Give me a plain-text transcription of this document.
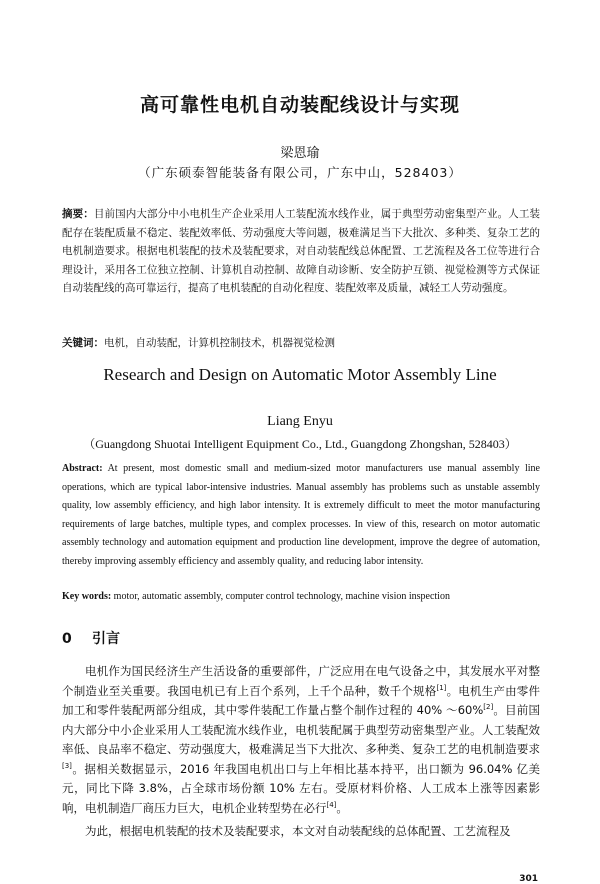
高可靠性电机自动装配线设计与实现
梁恩瑜
（广东硕泰智能装备有限公司，广东中山，528403）
摘要：目前国内大部分中小电机生产企业采用人工装配流水线作业，属于典型劳动密集型产业。人工装配存在装配质量不稳定、装配效率低、劳动强度大等问题，极难满足当下大批次、多种类、复杂工艺的电机制造要求。根据电机装配的技术及装配要求，对自动装配线总体配置、工艺流程及各工位等进行合理设计，采用各工位独立控制、计算机自动控制、故障自动诊断、安全防护互锁、视觉检测等方式保证自动装配线的高可靠运行，提高了电机装配的自动化程度、装配效率及质量，减轻工人劳动强度。
关键词：电机，自动装配，计算机控制技术，机器视觉检测
Research and Design on Automatic Motor Assembly Line
Liang Enyu
（Guangdong Shuotai Intelligent Equipment Co., Ltd., Guangdong Zhongshan, 528403）
Abstract: At present, most domestic small and medium-sized motor manufacturers use manual assembly line operations, which are typical labor-intensive industries. Manual assembly has problems such as unstable assembly quality, low assembly efficiency, and high labor intensity. It is extremely difficult to meet the motor manufacturing requirements of large batches, multiple types, and complex processes. In view of this, research on motor automatic assembly technology and automation equipment and production line development, improve the degree of automation, thereby improving assembly efficiency and assembly quality, and reducing labor intensity.
Key words: motor, automatic assembly, computer control technology, machine vision inspection
0 引言

电机作为国民经济生产生活设备的重要部件，广泛应用在电气设备之中，其发展水平对整个制造业至关重要。我国电机已有上百个系列，上千个品种，数千个规格[1]。电机生产由零件加工和零件装配两部分组成，其中零件装配工作量占整个制作过程的 40% ～60%[2]。目前国内大部分中小企业采用人工装配流水线作业，电机装配属于典型劳动密集型产业。人工装配效率低、良品率不稳定、劳动强度大，极难满足当下大批次、多种类、复杂工艺的电机制造要求[3]。据相关数据显示，2016 年我国电机出口与上年相比基本持平，出口额为 96.04% 亿美元，同比下降 3.8%，占全球市场份额 10% 左右。受原材料价格、人工成本上涨等因素影响，电机制造厂商压力巨大，电机企业转型势在必行[4]。

为此，根据电机装配的技术及装配要求，本文对自动装配线的总体配置、工艺流程及

301
